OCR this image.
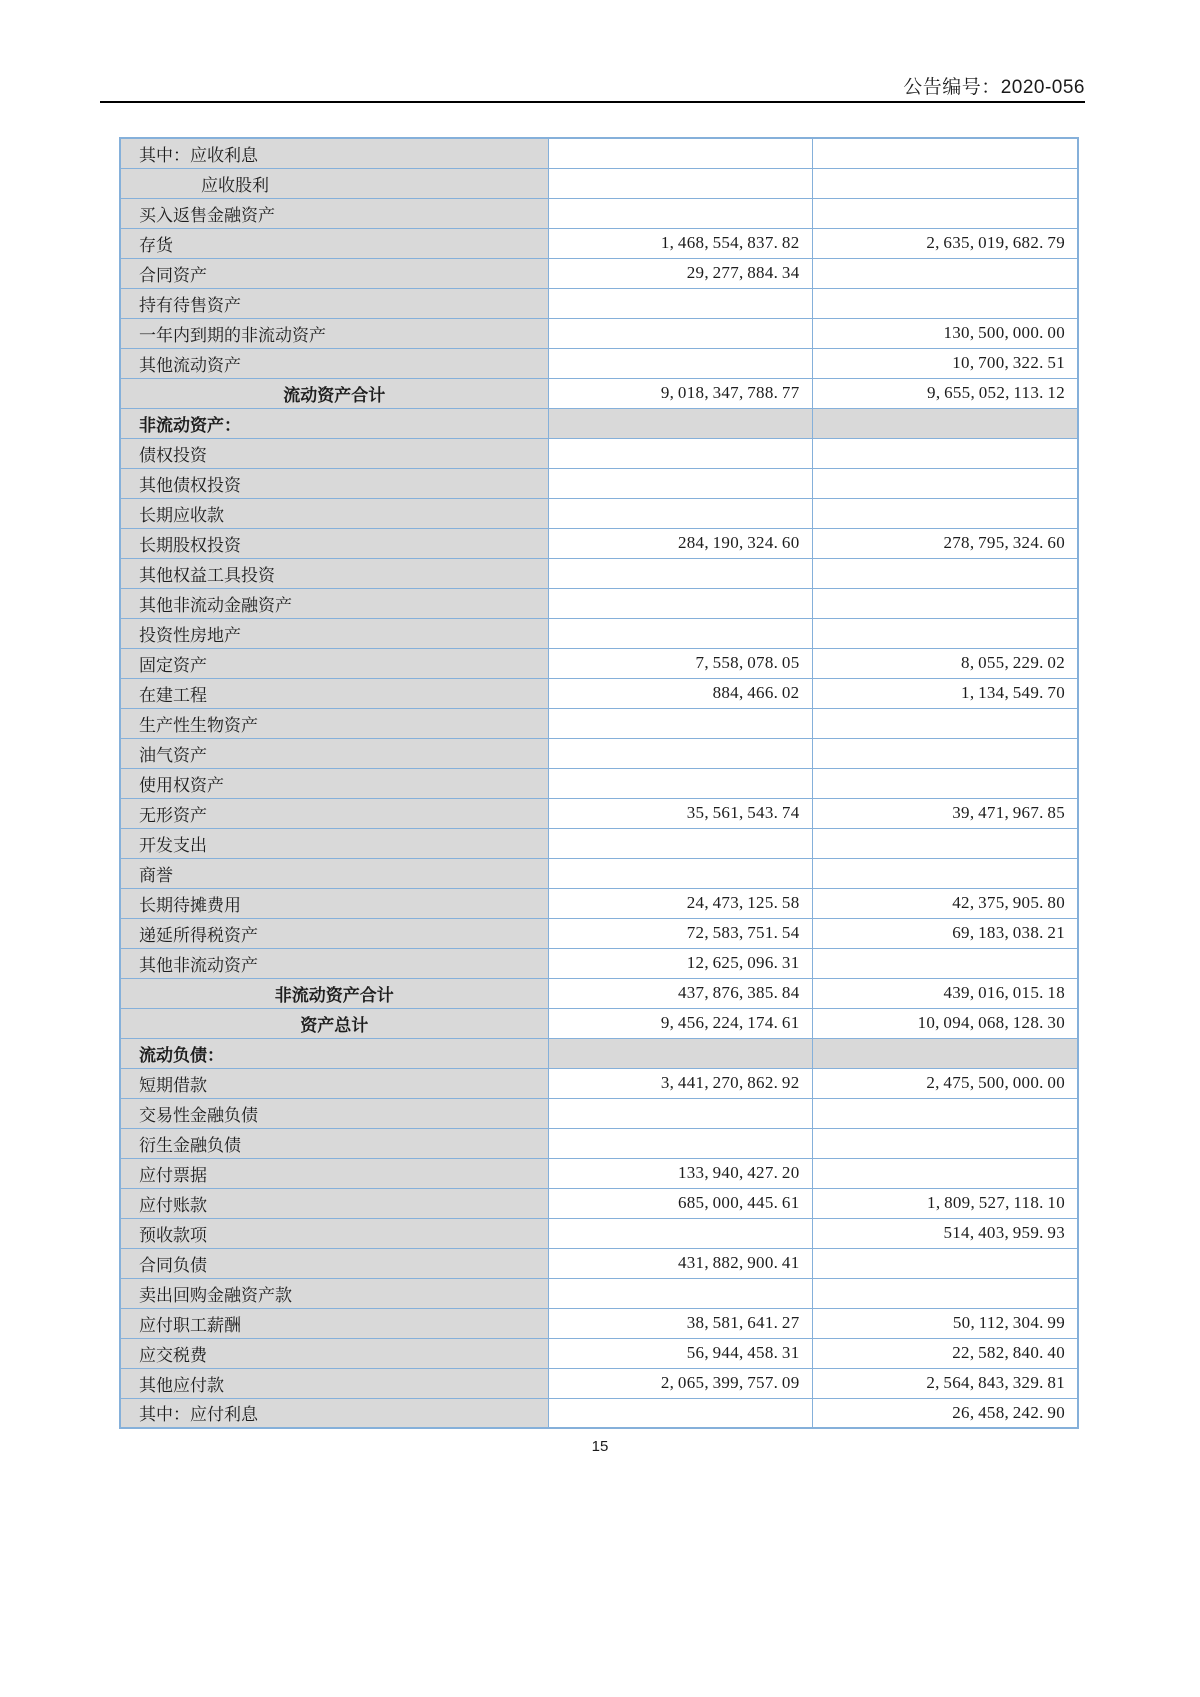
公告编号：2020-056
其中：应收利息		
应收股利		
买入返售金融资产		
存货	1, 468, 554, 837. 82	2, 635, 019, 682. 79
合同资产	29, 277, 884. 34	
持有待售资产		
一年内到期的非流动资产		130, 500, 000. 00
其他流动资产		10, 700, 322. 51
流动资产合计	9, 018, 347, 788. 77	9, 655, 052, 113. 12
非流动资产：		
债权投资		
其他债权投资		
长期应收款		
长期股权投资	284, 190, 324. 60	278, 795, 324. 60
其他权益工具投资		
其他非流动金融资产		
投资性房地产		
固定资产	7, 558, 078. 05	8, 055, 229. 02
在建工程	884, 466. 02	1, 134, 549. 70
生产性生物资产		
油气资产		
使用权资产		
无形资产	35, 561, 543. 74	39, 471, 967. 85
开发支出		
商誉		
长期待摊费用	24, 473, 125. 58	42, 375, 905. 80
递延所得税资产	72, 583, 751. 54	69, 183, 038. 21
其他非流动资产	12, 625, 096. 31	
非流动资产合计	437, 876, 385. 84	439, 016, 015. 18
资产总计	9, 456, 224, 174. 61	10, 094, 068, 128. 30
流动负债：		
短期借款	3, 441, 270, 862. 92	2, 475, 500, 000. 00
交易性金融负债		
衍生金融负债		
应付票据	133, 940, 427. 20	
应付账款	685, 000, 445. 61	1, 809, 527, 118. 10
预收款项		514, 403, 959. 93
合同负债	431, 882, 900. 41	
卖出回购金融资产款		
应付职工薪酬	38, 581, 641. 27	50, 112, 304. 99
应交税费	56, 944, 458. 31	22, 582, 840. 40
其他应付款	2, 065, 399, 757. 09	2, 564, 843, 329. 81
其中：应付利息		26, 458, 242. 90
15
